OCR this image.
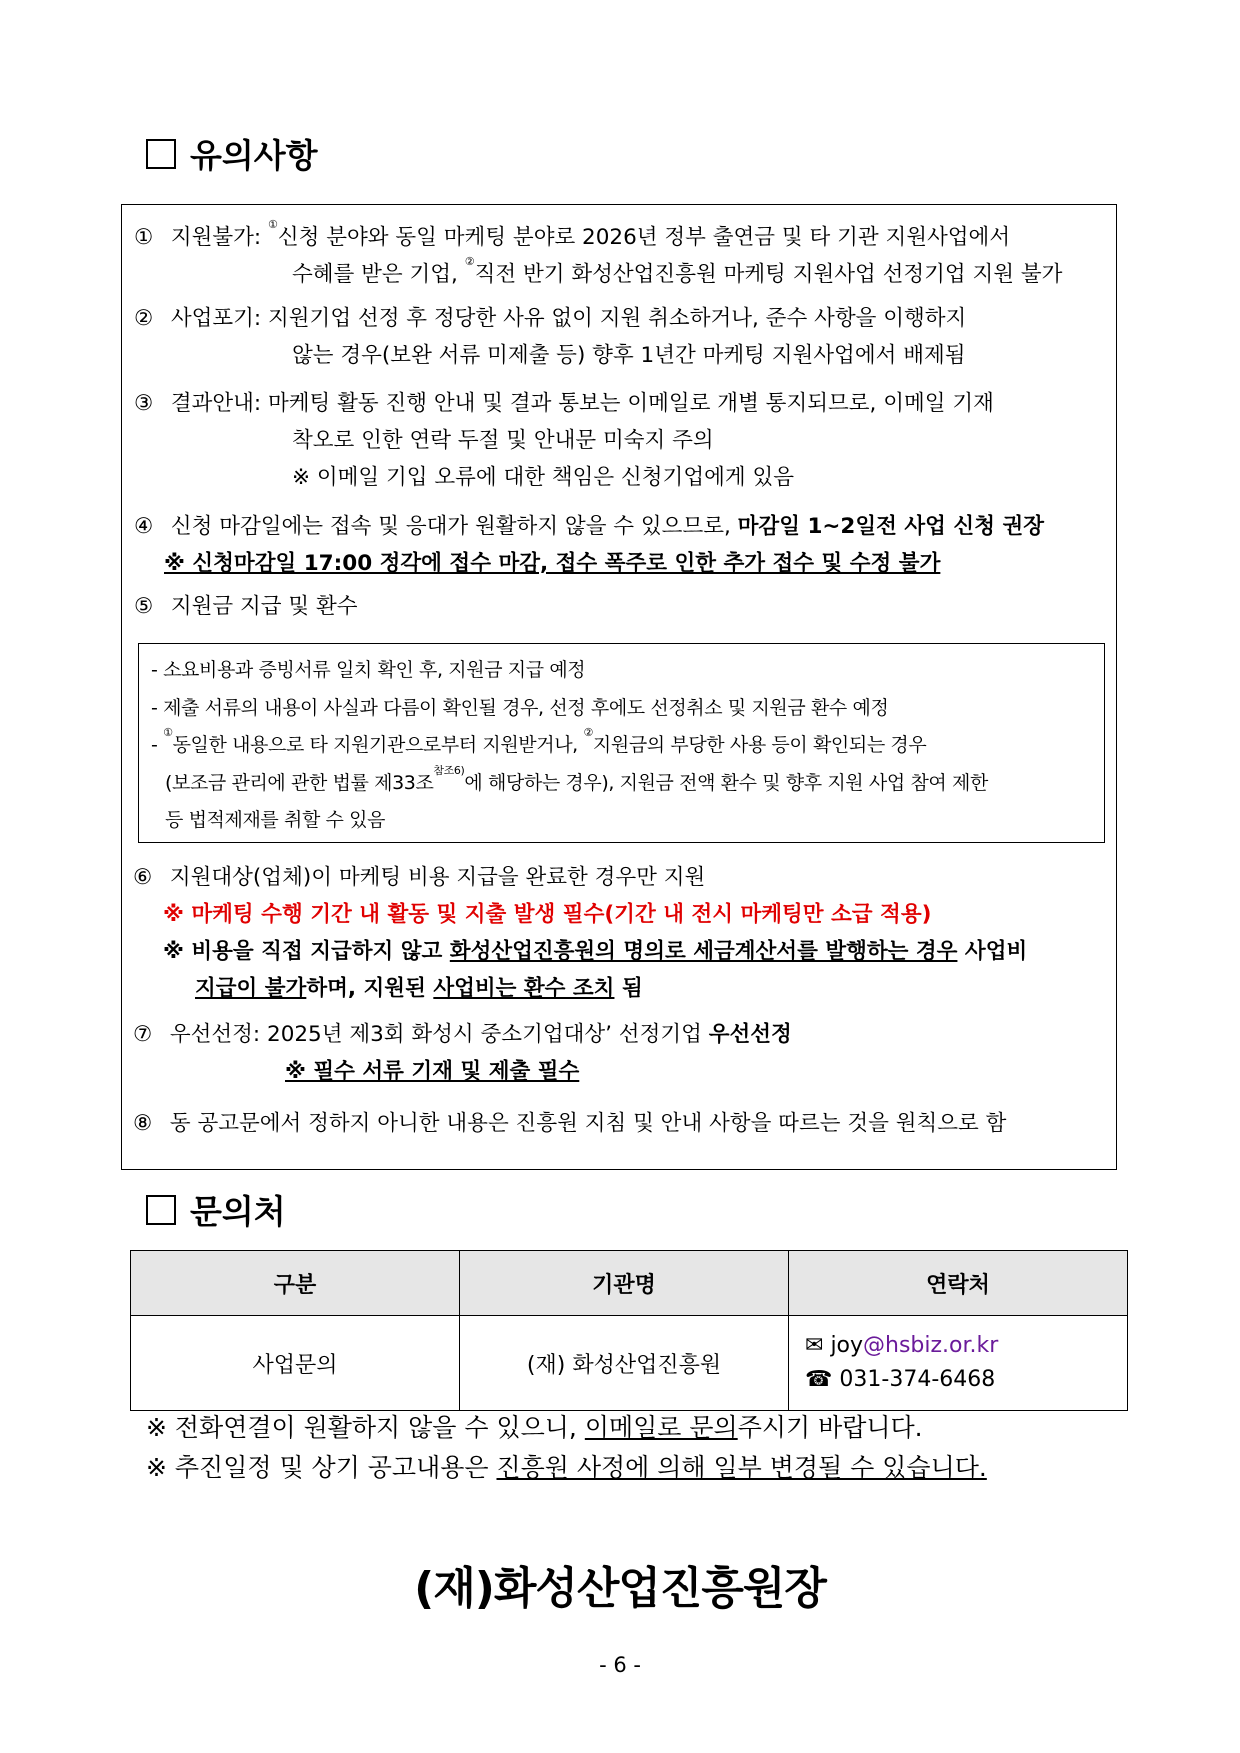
유의사항
① 지원불가: ①신청 분야와 동일 마케팅 분야로 2026년 정부 출연금 및 타 기관 지원사업에서
수혜를 받은 기업, ②직전 반기 화성산업진흥원 마케팅 지원사업 선정기업 지원 불가
② 사업포기: 지원기업 선정 후 정당한 사유 없이 지원 취소하거나, 준수 사항을 이행하지
않는 경우(보완 서류 미제출 등) 향후 1년간 마케팅 지원사업에서 배제됨
③ 결과안내: 마케팅 활동 진행 안내 및 결과 통보는 이메일로 개별 통지되므로, 이메일 기재
착오로 인한 연락 두절 및 안내문 미숙지 주의
※ 이메일 기입 오류에 대한 책임은 신청기업에게 있음
④ 신청 마감일에는 접속 및 응대가 원활하지 않을 수 있으므로, 마감일 1~2일전 사업 신청 권장
※ 신청마감일 17:00 정각에 접수 마감, 접수 폭주로 인한 추가 접수 및 수정 불가
⑤ 지원금 지급 및 환수
- 소요비용과 증빙서류 일치 확인 후, 지원금 지급 예정
- 제출 서류의 내용이 사실과 다름이 확인될 경우, 선정 후에도 선정취소 및 지원금 환수 예정
- ①동일한 내용으로 타 지원기관으로부터 지원받거나, ②지원금의 부당한 사용 등이 확인되는 경우
(보조금 관리에 관한 법률 제33조$^{참조6)}$에 해당하는 경우), 지원금 전액 환수 및 향후 지원 사업 참여 제한
등 법적제재를 취할 수 있음
⑥ 지원대상(업체)이 마케팅 비용 지급을 완료한 경우만 지원
※ 마케팅 수행 기간 내 활동 및 지출 발생 필수(기간 내 전시 마케팅만 소급 적용)
※ 비용을 직접 지급하지 않고 화성산업진흥원의 명의로 세금계산서를 발행하는 경우 사업비
지급이 불가하며, 지원된 사업비는 환수 조치 됨
⑦ 우선선정: 2025년 제3회 화성시 중소기업대상’ 선정기업 우선선정
※ 필수 서류 기재 및 제출 필수
⑧ 동 공고문에서 정하지 아니한 내용은 진흥원 지침 및 안내 사항을 따르는 것을 원칙으로 함
문의처
구분	기관명	연락처
사업문의	(재) 화성산업진흥원	✉ joy@hsbiz.or.kr
☎ 031-374-6468
※ 전화연결이 원활하지 않을 수 있으니, 이메일로 문의주시기 바랍니다.
※ 추진일정 및 상기 공고내용은 진흥원 사정에 의해 일부 변경될 수 있습니다.
(재)화성산업진흥원장
- 6 -
